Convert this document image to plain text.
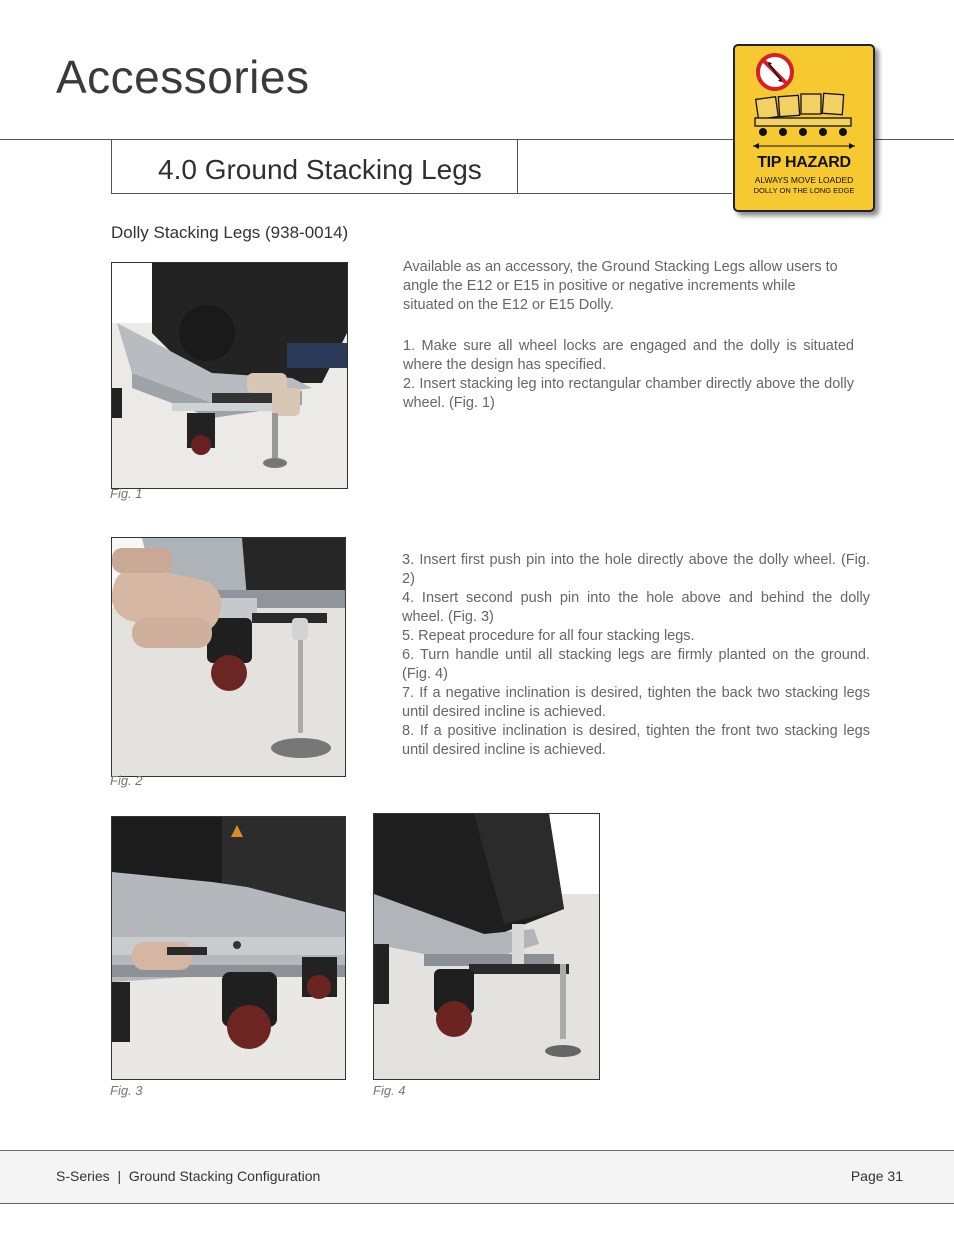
Accessories
4.0 Ground Stacking Legs	TIP HAZARD
ALWAYS MOVE LOADED
DOLLY ON THE LONG EDGE
Dolly Stacking Legs (938-0014)
Fig. 1

Available as an accessory, the Ground Stacking Legs allow users to angle the E12 or E15 in positive or negative increments while situated on the E12 or E15 Dolly.

1. Make sure all wheel locks are engaged and the dolly is situated where the design has specified.

2. Insert stacking leg into rectangular chamber directly above the dolly wheel. (Fig. 1)

Fig. 2

3. Insert first push pin into the hole directly above the dolly wheel. (Fig. 2)

4. Insert second push pin into the hole above and behind the dolly wheel. (Fig. 3)

5. Repeat procedure for all four stacking legs.

6. Turn handle until all stacking legs are firmly planted on the ground. (Fig. 4)

7. If a negative inclination is desired, tighten the back two stacking legs until desired incline is achieved.

8. If a positive inclination is desired, tighten the front two stacking legs until desired incline is achieved.

Fig. 3	Fig. 4
S-Series  |  Ground Stacking Configuration	Page 31
